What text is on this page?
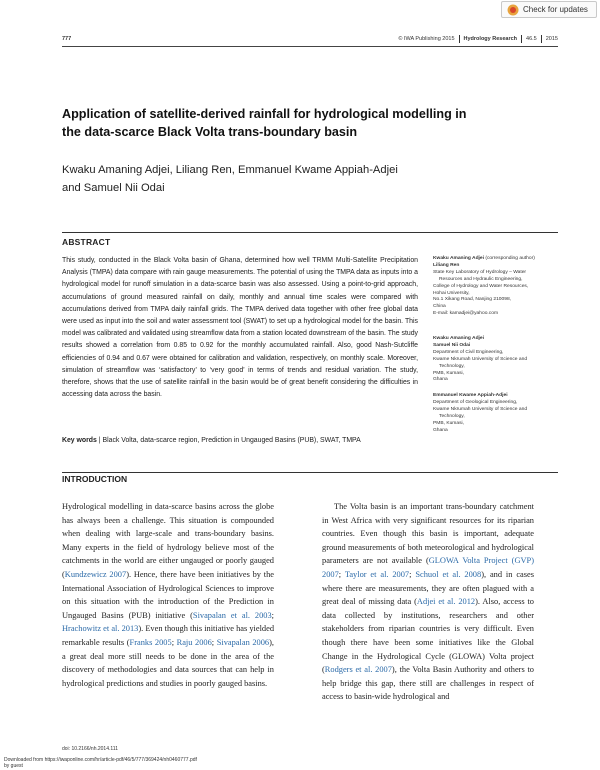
Check for updates
777	© IWA Publishing 2015 Hydrology Research 46.5 2015
Application of satellite-derived rainfall for hydrological modelling in the data-scarce Black Volta trans-boundary basin
Kwaku Amaning Adjei, Liliang Ren, Emmanuel Kwame Appiah-Adjei
and Samuel Nii Odai
ABSTRACT

This study, conducted in the Black Volta basin of Ghana, determined how well TRMM Multi-Satellite Precipitation Analysis (TMPA) data compare with rain gauge measurements. The potential of using the TMPA data as inputs into a hydrological model for runoff simulation in a data-scarce basin was also assessed. Using a point-to-grid approach, accumulations of ground measured rainfall on daily, monthly and annual time scales were compared with accumulations derived from TMPA daily rainfall grids. The TMPA derived data together with other free global data were used as input into the soil and water assessment tool (SWAT) to set up a hydrological model for the basin. This model was calibrated and validated using streamflow data from a station located downstream of the basin. The study results showed a correlation from 0.85 to 0.92 for the monthly accumulated rainfall. Also, good Nash-Sutcliffe efficiencies of 0.94 and 0.67 were obtained for calibration and validation, respectively, on monthly scale. Moreover, simulation of streamflow was ‘satisfactory’ to ‘very good’ in terms of trends and residual variation. The study, therefore, shows that the use of satellite rainfall in the basin would be of great benefit considering the difficulties in accessing data across the basin.

Key words | Black Volta, data-scarce region, Prediction in Ungauged Basins (PUB), SWAT, TMPA
Kwaku Amaning Adjei (corresponding author)
Liliang Ren
State Key Laboratory of Hydrology – Water
Resources and Hydraulic Engineering,
College of Hydrology and Water Resources,
Hohai University,
No.1 Xikang Road, Nanjing 210098,
China
E-mail: kamadjei@yahoo.com
Kwaku Amaning Adjei
Samuel Nii Odai
Department of Civil Engineering,
Kwame Nkrumah University of Science and
Technology,
PMB, Kumasi,
Ghana
Emmanuel Kwame Appiah-Adjei
Department of Geological Engineering,
Kwame Nkrumah University of Science and
Technology,
PMB, Kumasi,
Ghana
INTRODUCTION

Hydrological modelling in data-scarce basins across the globe has always been a challenge. This situation is compounded when dealing with large-scale and trans-boundary basins. Many experts in the field of hydrology believe most of the catchments in the world are either ungauged or poorly gauged (Kundzewicz 2007). Hence, there have been initiatives by the International Association of Hydrological Sciences to improve on this situation with the introduction of the Prediction in Ungauged Basins (PUB) initiative (Sivapalan et al. 2003; Hrachowitz et al. 2013). Even though this initiative has yielded remarkable results (Franks 2005; Raju 2006; Sivapalan 2006), a great deal more still needs to be done in the area of the discovery of methodologies and data sources that can help in hydrological predictions and studies in poorly gauged basins.

The Volta basin is an important trans-boundary catchment in West Africa with very significant resources for its riparian countries. Even though this basin is important, adequate ground measurements of both meteorological and hydrological parameters are not available (GLOWA Volta Project (GVP) 2007; Taylor et al. 2007; Schuol et al. 2008), and in cases where there are measurements, they are often plagued with a great deal of missing data (Adjei et al. 2012). Also, access to data collected by institutions, researchers and other stakeholders from riparian countries is very difficult. Even though there have been some initiatives like the Global Change in the Hydrological Cycle (GLOWA) Volta project (Rodgers et al. 2007), the Volta Basin Authority and others to help bridge this gap, there still are challenges in respect of access to basin-wide hydrological and

doi: 10.2166/nh.2014.111
Downloaded from https://iwaponline.com/hr/article-pdf/46/5/777/369424/nh0460777.pdf
by guest
